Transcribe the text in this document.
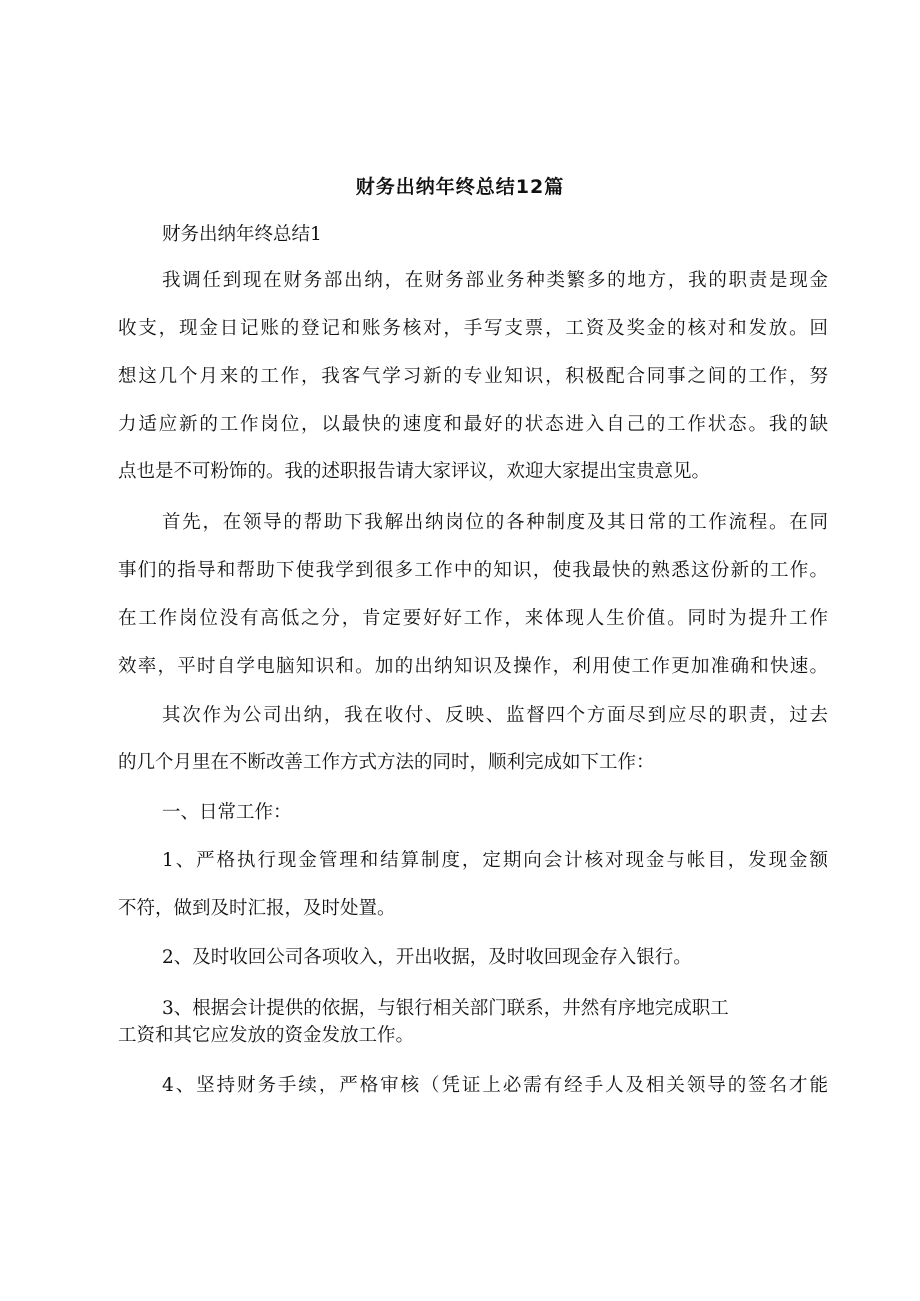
财务出纳年终总结12篇
财务出纳年终总结1
我调任到现在财务部出纳，在财务部业务种类繁多的地方，我的职责是现金
收支，现金日记账的登记和账务核对，手写支票，工资及奖金的核对和发放。回
想这几个月来的工作，我客气学习新的专业知识，积极配合同事之间的工作，努
力适应新的工作岗位，以最快的速度和最好的状态进入自己的工作状态。我的缺
点也是不可粉饰的。我的述职报告请大家评议，欢迎大家提出宝贵意见。
首先，在领导的帮助下我解出纳岗位的各种制度及其日常的工作流程。在同
事们的指导和帮助下使我学到很多工作中的知识，使我最快的熟悉这份新的工作。
在工作岗位没有高低之分，肯定要好好工作，来体现人生价值。同时为提升工作
效率，平时自学电脑知识和。加的出纳知识及操作，利用使工作更加准确和快速。
其次作为公司出纳，我在收付、反映、监督四个方面尽到应尽的职责，过去
的几个月里在不断改善工作方式方法的同时，顺利完成如下工作：
一、日常工作：
1、严格执行现金管理和结算制度，定期向会计核对现金与帐目，发现金额
不符，做到及时汇报，及时处置。
2、及时收回公司各项收入，开出收据，及时收回现金存入银行。
3、根据会计提供的依据，与银行相关部门联系，井然有序地完成职工
工资和其它应发放的资金发放工作。
4、坚持财务手续，严格审核（凭证上必需有经手人及相关领导的签名才能
